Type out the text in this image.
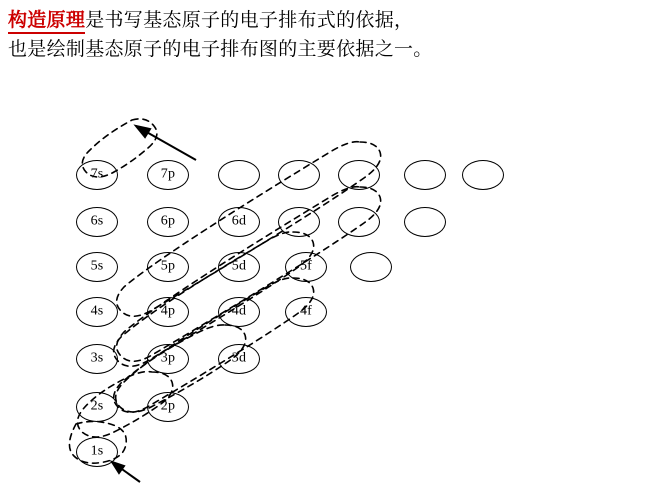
构造原理是书写基态原子的电子排布式的依据，
也是绘制基态原子的电子排布图的主要依据之一。
7s	7p
6s	6p	6d
5s	5p	5d	5f
4s	4p	4d	4f
3s	3p	3d
2s	2p
1s
